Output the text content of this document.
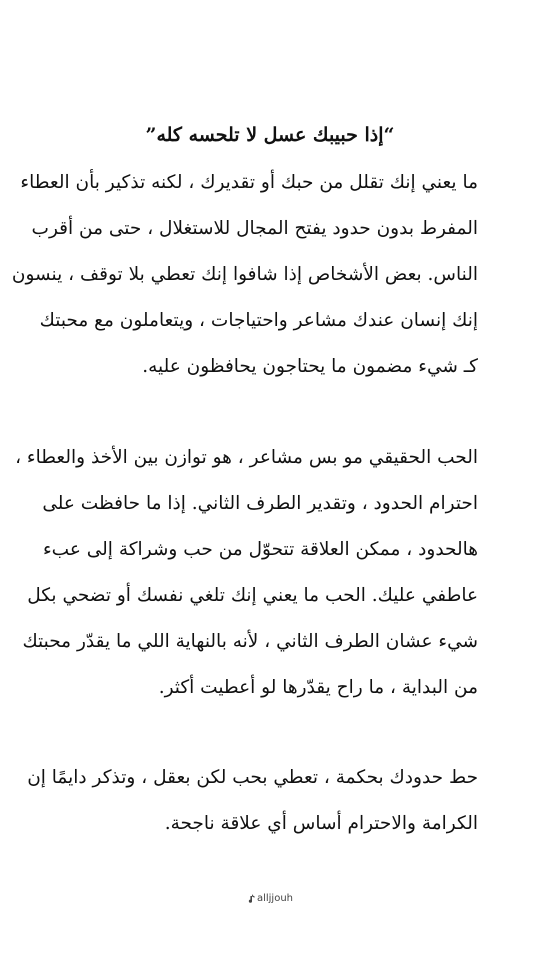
“إذا حبيبك عسل لا تلحسه كله”

ما يعني إنك تقلل من حبك أو تقديرك ، لكنه تذكير بأن العطاء

المفرط بدون حدود يفتح المجال للاستغلال ، حتى من أقرب

الناس. بعض الأشخاص إذا شافوا إنك تعطي بلا توقف ، ينسون

إنك إنسان عندك مشاعر واحتياجات ، ويتعاملون مع محبتك

كـ شيء مضمون ما يحتاجون يحافظون عليه.

الحب الحقيقي مو بس مشاعر ، هو توازن بين الأخذ والعطاء ،

احترام الحدود ، وتقدير الطرف الثاني. إذا ما حافظت على

هالحدود ، ممكن العلاقة تتحوّل من حب وشراكة إلى عبء

عاطفي عليك. الحب ما يعني إنك تلغي نفسك أو تضحي بكل

شيء عشان الطرف الثاني ، لأنه بالنهاية اللي ما يقدّر محبتك

من البداية ، ما راح يقدّرها لو أعطيت أكثر.

حط حدودك بحكمة ، تعطي بحب لكن بعقل ، وتذكر دايمًا إن

الكرامة والاحترام أساس أي علاقة ناجحة.

alljjouh
